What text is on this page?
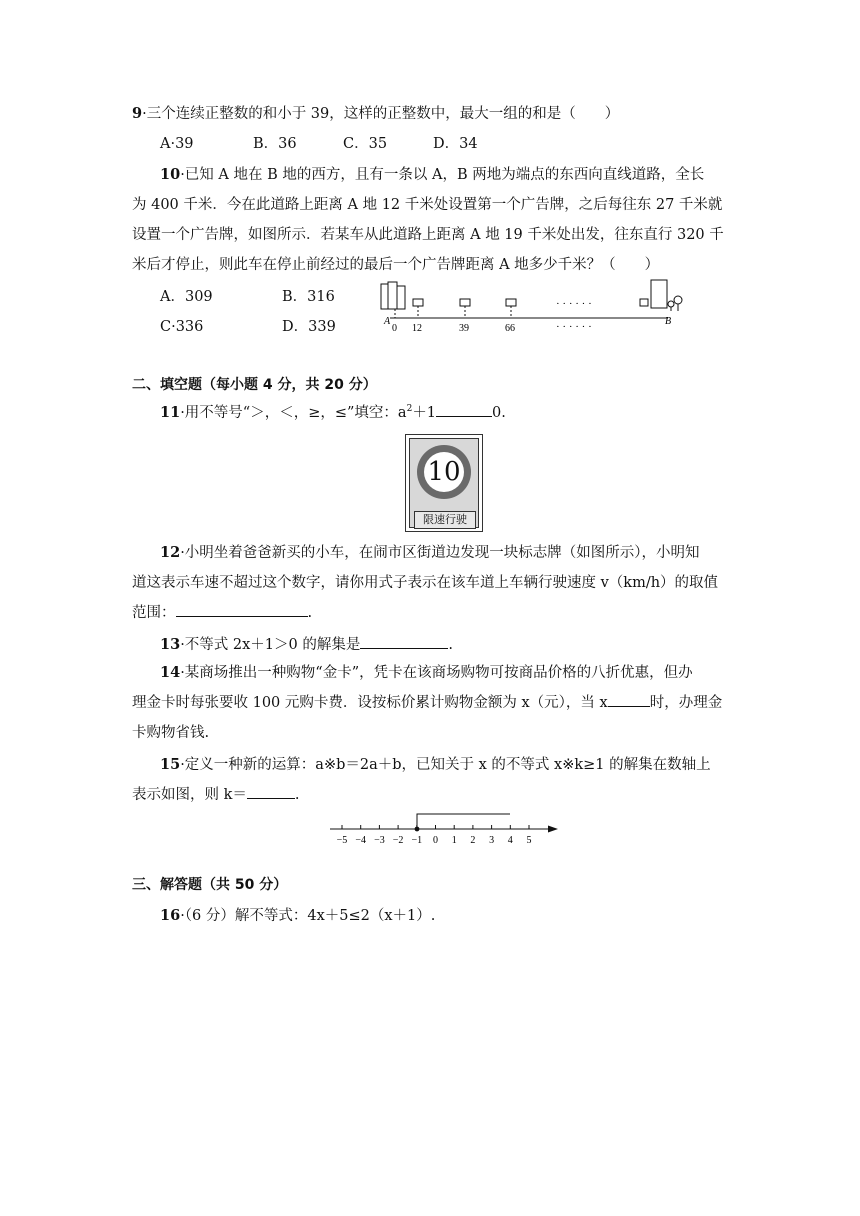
9·三个连续正整数的和小于 39，这样的正整数中，最大一组的和是（　　）
A·39	B．36	C．35	D．34
10·已知 A 地在 B 地的西方，且有一条以 A，B 两地为端点的东西向直线道路，全长
为 400 千米．今在此道路上距离 A 地 12 千米处设置第一个广告牌，之后每往东 27 千米就
设置一个广告牌，如图所示．若某车从此道路上距离 A 地 19 千米处出发，往东直行 320 千
米后才停止，则此车在停止前经过的最后一个广告牌距离 A 地多少千米？（　　）
A．309	B．316
C·336	D．339
· · · · · ·
· · · · · ·
A	B
0 12	39	66
二、填空题（每小题 4 分，共 20 分）
11·用不等号“＞，＜，≥，≤”填空：$a^2+1$	0.
10
限速行驶
12·小明坐着爸爸新买的小车，在闹市区街道边发现一块标志牌（如图所示），小明知
道这表示车速不超过这个数字，请你用式子表示在该车道上车辆行驶速度 v（km/h）的取值
范围：	.
13·不等式 2x＋1＞0 的解集是	.
14·某商场推出一种购物“金卡”，凭卡在该商场购物可按商品价格的八折优惠，但办
理金卡时每张要收 100 元购卡费．设按标价累计购物金额为 x（元），当 x	时，办理金
卡购物省钱.
15·定义一种新的运算：a※b＝2a＋b，已知关于 x 的不等式 x※k≥1 的解集在数轴上
表示如图，则 k＝	.
−5 −4 −3 −2 −1 0 1 2 3 4 5
三、解答题（共 50 分）
16·（6 分）解不等式：4x＋5≤2（x＋1）.
